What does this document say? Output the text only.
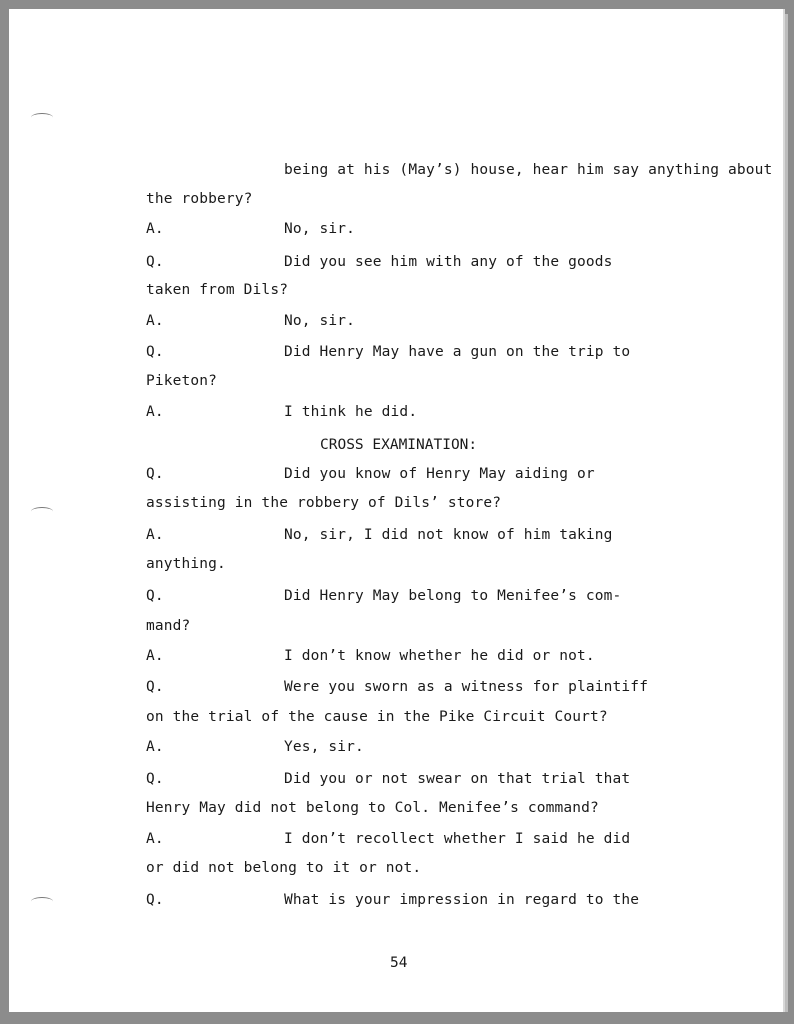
being at his (May’s) house, hear him say anything about
the robbery?
A.	No, sir.
Q.	Did you see him with any of the goods
taken from Dils?
A.	No, sir.
Q.	Did Henry May have a gun on the trip to
Piketon?
A.	I think he did.
CROSS EXAMINATION:
Q.	Did you know of Henry May aiding or
assisting in the robbery of Dils’ store?
A.	No, sir, I did not know of him taking
anything.
Q.	Did Henry May belong to Menifee’s com-
mand?
A.	I don’t know whether he did or not.
Q.	Were you sworn as a witness for plaintiff
on the trial of the cause in the Pike Circuit Court?
A.	Yes, sir.
Q.	Did you or not swear on that trial that
Henry May did not belong to Col. Menifee’s command?
A.	I don’t recollect whether I said he did
or did not belong to it or not.
Q.	What is your impression in regard to the
54
